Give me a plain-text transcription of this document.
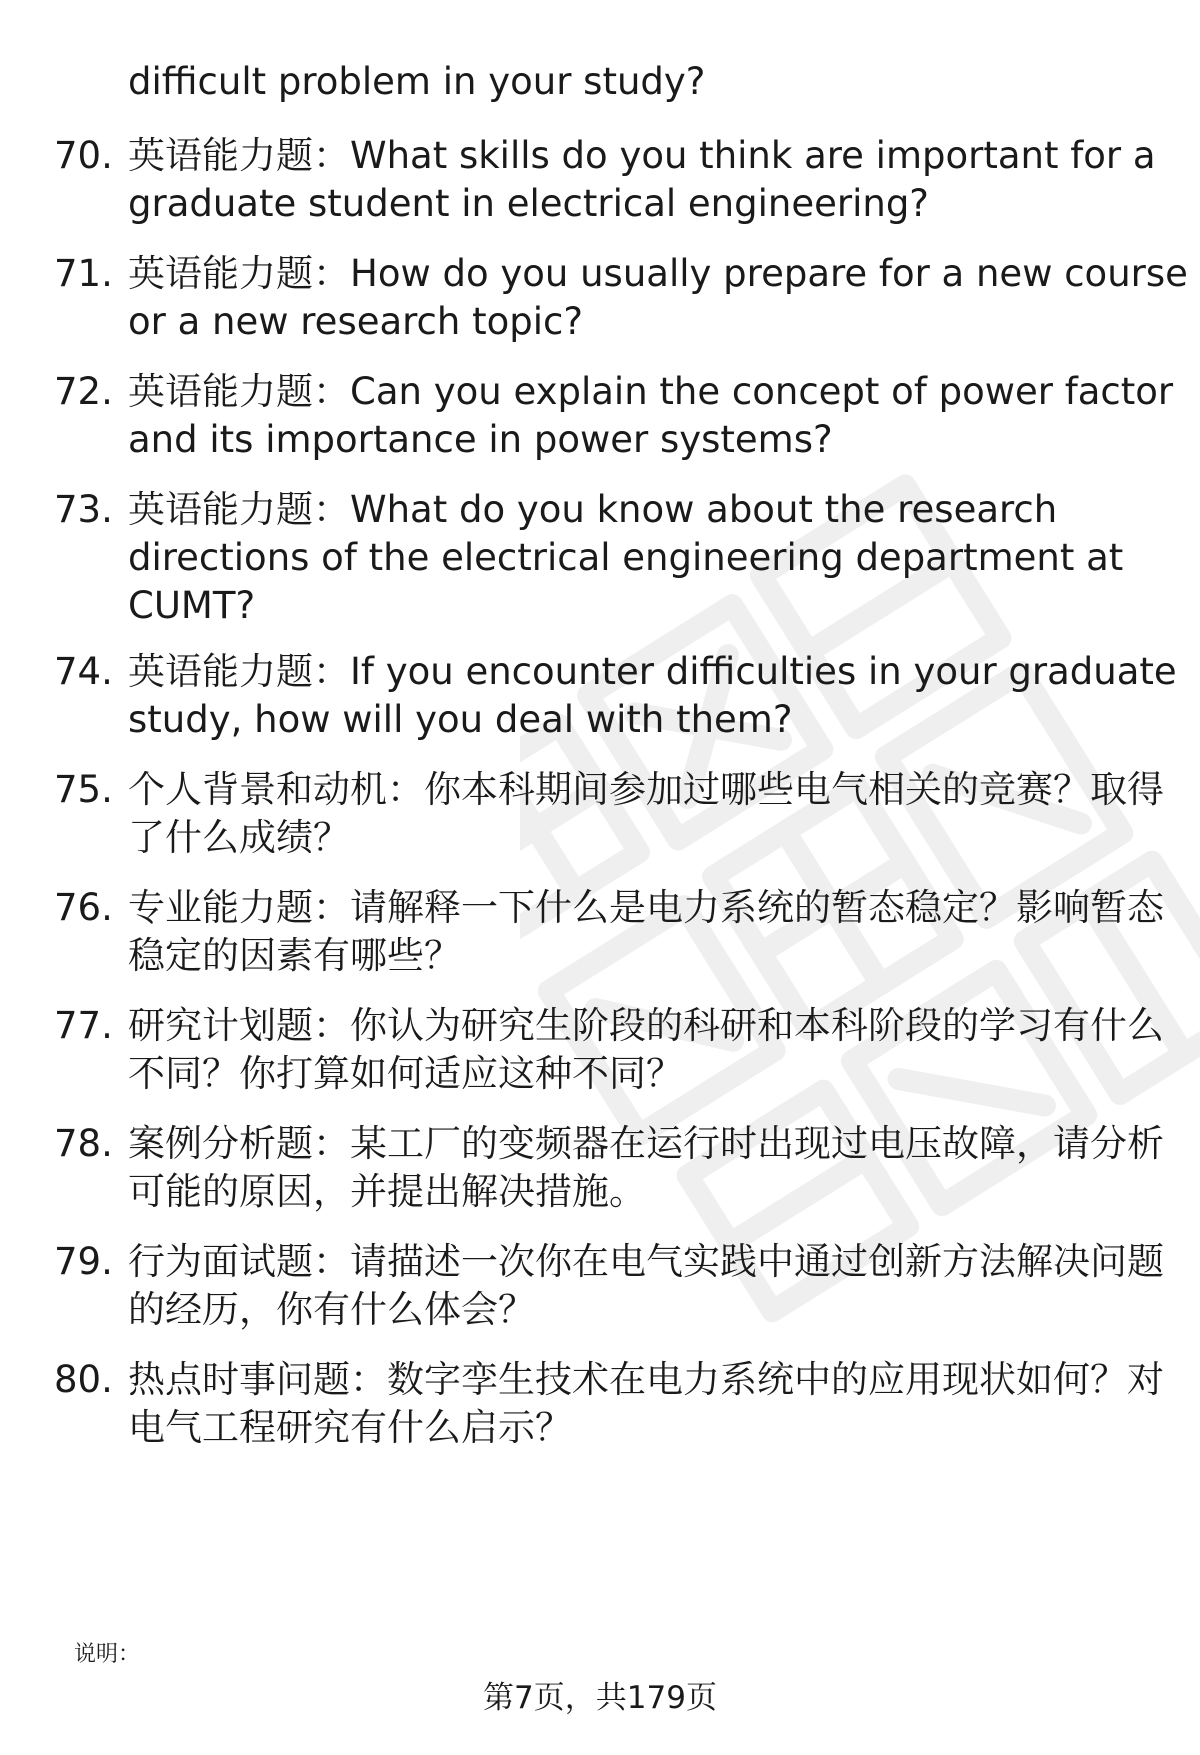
difficult problem in your study?
70. 英语能力题：What skills do you think are important for a
graduate student in electrical engineering?
71. 英语能力题：How do you usually prepare for a new course
or a new research topic?
72. 英语能力题：Can you explain the concept of power factor
and its importance in power systems?
73. 英语能力题：What do you know about the research
directions of the electrical engineering department at
CUMT?
74. 英语能力题：If you encounter difficulties in your graduate
study, how will you deal with them?
75. 个人背景和动机：你本科期间参加过哪些电气相关的竞赛？取得
了什么成绩？
76. 专业能力题：请解释一下什么是电力系统的暂态稳定？影响暂态
稳定的因素有哪些？
77. 研究计划题：你认为研究生阶段的科研和本科阶段的学习有什么
不同？你打算如何适应这种不同？
78. 案例分析题：某工厂的变频器在运行时出现过电压故障，请分析
可能的原因，并提出解决措施。
79. 行为面试题：请描述一次你在电气实践中通过创新方法解决问题
的经历，你有什么体会？
80. 热点时事问题：数字孪生技术在电力系统中的应用现状如何？对
电气工程研究有什么启示？
说明：
第7页，共179页
